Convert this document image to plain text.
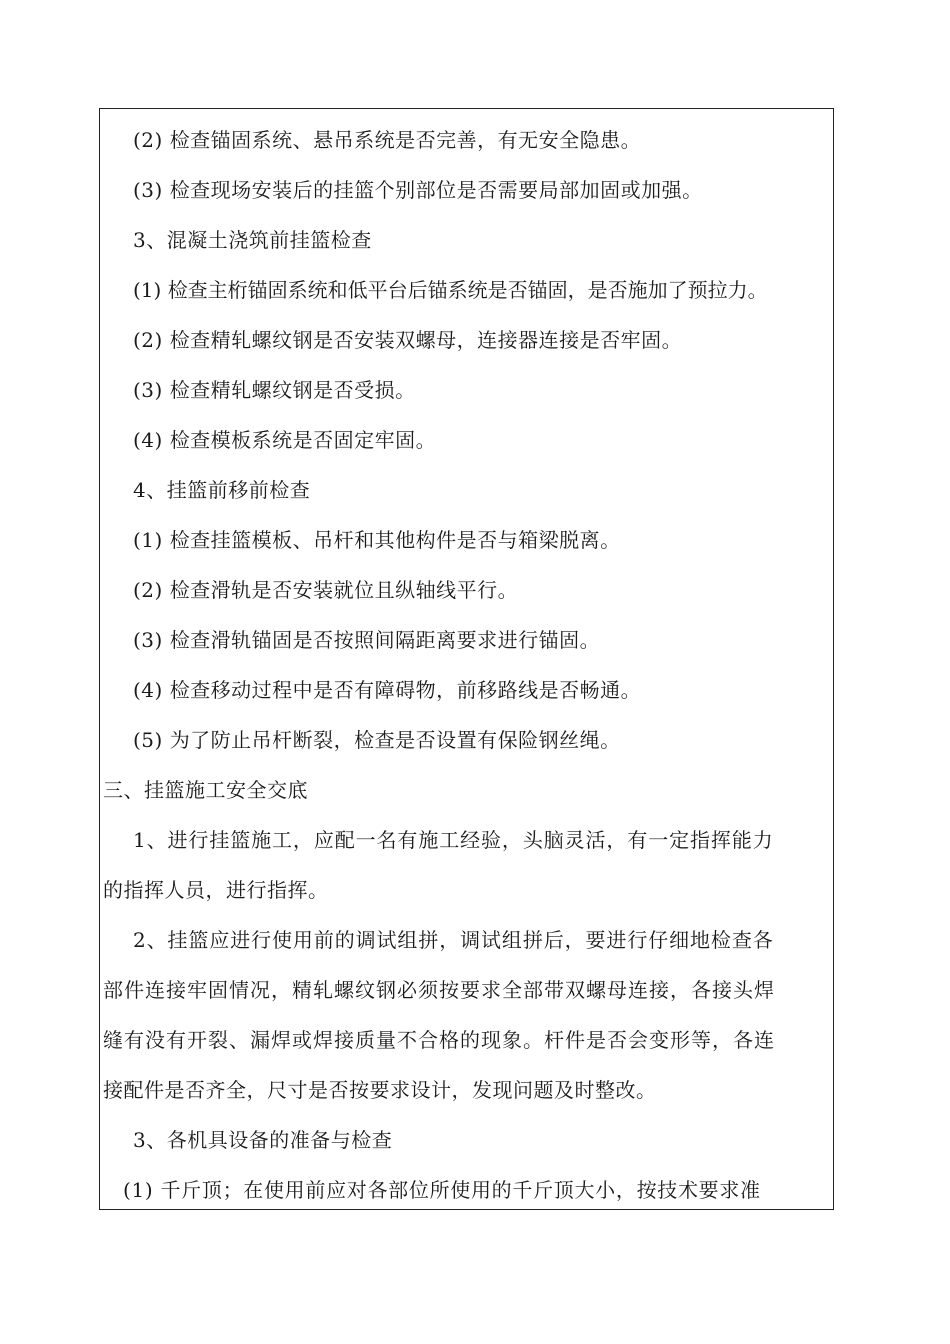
(2) 检查锚固系统、悬吊系统是否完善，有无安全隐患。
(3) 检查现场安装后的挂篮个别部位是否需要局部加固或加强。
3、混凝土浇筑前挂篮检查
(1) 检查主桁锚固系统和低平台后锚系统是否锚固，是否施加了预拉力。
(2) 检查精轧螺纹钢是否安装双螺母，连接器连接是否牢固。
(3) 检查精轧螺纹钢是否受损。
(4) 检查模板系统是否固定牢固。
4、挂篮前移前检查
(1) 检查挂篮模板、吊杆和其他构件是否与箱梁脱离。
(2) 检查滑轨是否安装就位且纵轴线平行。
(3) 检查滑轨锚固是否按照间隔距离要求进行锚固。
(4) 检查移动过程中是否有障碍物，前移路线是否畅通。
(5) 为了防止吊杆断裂，检查是否设置有保险钢丝绳。
三、挂篮施工安全交底
1、进行挂篮施工，应配一名有施工经验，头脑灵活，有一定指挥能力
的指挥人员，进行指挥。
2、挂篮应进行使用前的调试组拼，调试组拼后，要进行仔细地检查各
部件连接牢固情况，精轧螺纹钢必须按要求全部带双螺母连接，各接头焊
缝有没有开裂、漏焊或焊接质量不合格的现象。杆件是否会变形等，各连
接配件是否齐全，尺寸是否按要求设计，发现问题及时整改。
3、各机具设备的准备与检查
(1) 千斤顶；在使用前应对各部位所使用的千斤顶大小，按技术要求准
